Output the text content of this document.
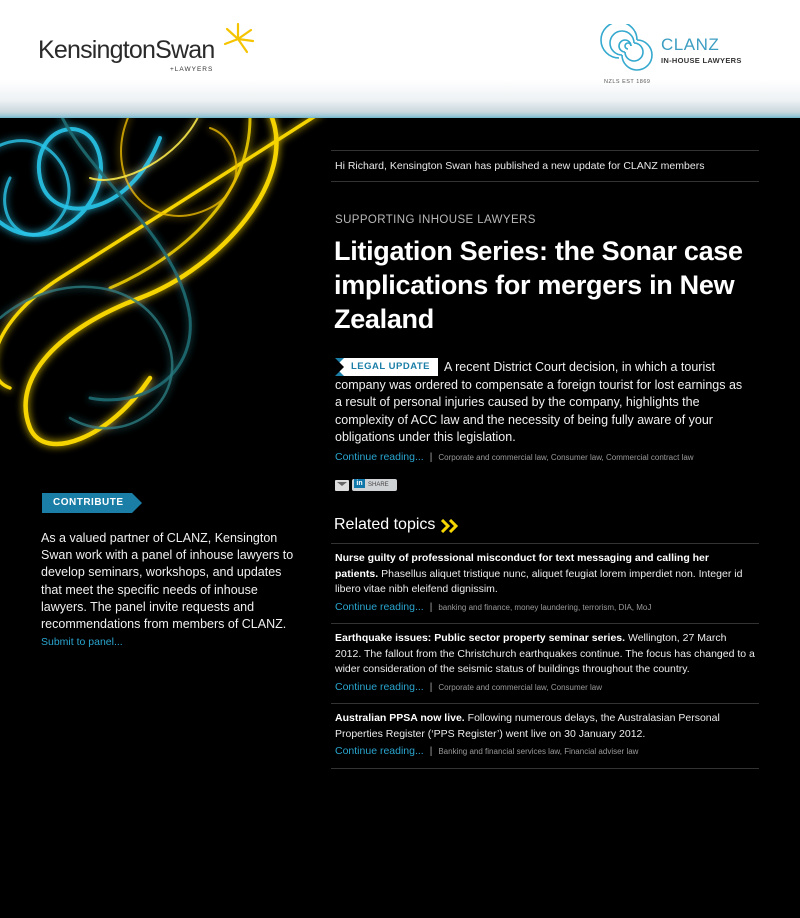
KensingtonSwan
+LAWYERS
CLANZ
IN-HOUSE LAWYERS
NZLS EST 1869
Hi Richard, Kensington Swan has published a new update for CLANZ members
SUPPORTING INHOUSE LAWYERS
Litigation Series: the Sonar case implications for mergers in New Zealand
LEGAL UPDATE A recent District Court decision, in which a tourist company was ordered to compensate a foreign tourist for lost earnings as a result of personal injuries caused by the company, highlights the complexity of ACC law and the necessity of being fully aware of your obligations under this legislation.
Continue reading... | Corporate and commercial law, Consumer law, Commercial contract law
in SHARE
Related topics
Nurse guilty of professional misconduct for text messaging and calling her patients. Phasellus aliquet tristique nunc, aliquet feugiat lorem imperdiet non. Integer id libero vitae nibh eleifend dignissim.
Continue reading... | banking and finance, money laundering, terrorism, DIA, MoJ
Earthquake issues: Public sector property seminar series. Wellington, 27 March 2012. The fallout from the Christchurch earthquakes continue. The focus has changed to a wider consideration of the seismic status of buildings throughout the country.
Continue reading... | Corporate and commercial law, Consumer law
Australian PPSA now live. Following numerous delays, the Australasian Personal Properties Register (‘PPS Register’) went live on 30 January 2012.
Continue reading... | Banking and financial services law, Financial adviser law
CONTRIBUTE
As a valued partner of CLANZ, Kensington Swan work with a panel of inhouse lawyers to develop seminars, workshops, and updates that meet the specific needs of inhouse lawyers. The panel invite requests and recommendations from members of CLANZ. Submit to panel...
